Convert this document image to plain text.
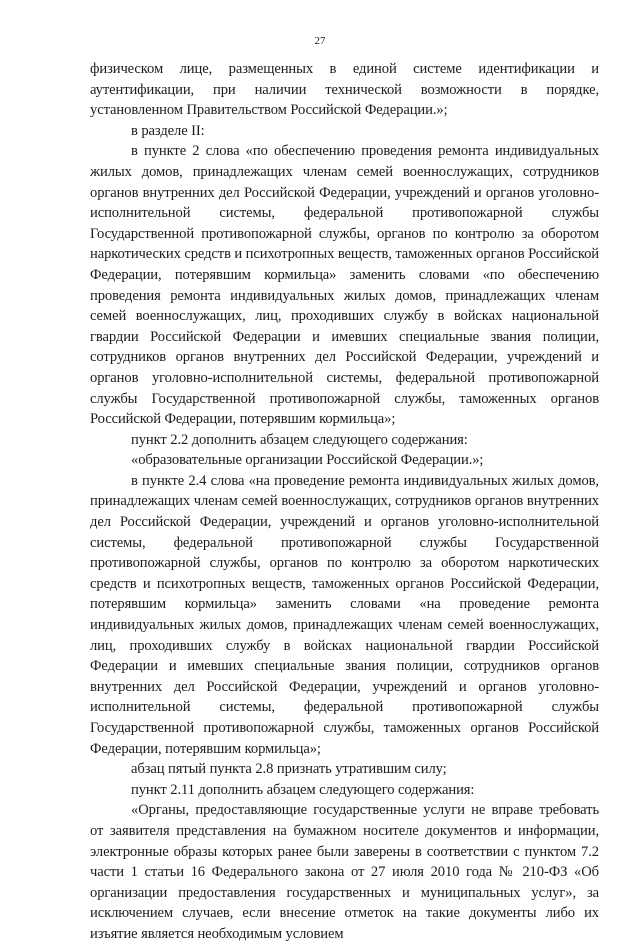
27

физическом лице, размещенных в единой системе идентификации и аутентификации, при наличии технической возможности в порядке, установленном Правительством Российской Федерации.»;

в разделе II:

в пункте 2 слова «по обеспечению проведения ремонта индивидуальных жилых домов, принадлежащих членам семей военнослужащих, сотрудников органов внутренних дел Российской Федерации, учреждений и органов уголовно-исполнительной системы, федеральной противопожарной службы Государственной противопожарной службы, органов по контролю за оборотом наркотических средств и психотропных веществ, таможенных органов Российской Федерации, потерявшим кормильца» заменить словами «по обеспечению проведения ремонта индивидуальных жилых домов, принадлежащих членам семей военнослужащих, лиц, проходивших службу в войсках национальной гвардии Российской Федерации и имевших специальные звания полиции, сотрудников органов внутренних дел Российской Федерации, учреждений и органов уголовно-исполнительной системы, федеральной противопожарной службы Государственной противопожарной службы, таможенных органов Российской Федерации, потерявшим кормильца»;

пункт 2.2 дополнить абзацем следующего содержания:

«образовательные организации Российской Федерации.»;

в пункте 2.4 слова «на проведение ремонта индивидуальных жилых домов, принадлежащих членам семей военнослужащих, сотрудников органов внутренних дел Российской Федерации, учреждений и органов уголовно-исполнительной системы, федеральной противопожарной службы Государственной противопожарной службы, органов по контролю за оборотом наркотических средств и психотропных веществ, таможенных органов Российской Федерации, потерявшим кормильца» заменить словами «на проведение ремонта индивидуальных жилых домов, принадлежащих членам семей военнослужащих, лиц, проходивших службу в войсках национальной гвардии Российской Федерации и имевших специальные звания полиции, сотрудников органов внутренних дел Российской Федерации, учреждений и органов уголовно-исполнительной системы, федеральной противопожарной службы Государственной противопожарной службы, таможенных органов Российской Федерации, потерявшим кормильца»;

абзац пятый пункта 2.8 признать утратившим силу;

пункт 2.11 дополнить абзацем следующего содержания:

«Органы, предоставляющие государственные услуги не вправе требовать от заявителя представления на бумажном носителе документов и информации, электронные образы которых ранее были заверены в соответствии с пунктом 7.2 части 1 статьи 16 Федерального закона от 27 июля 2010 года № 210-ФЗ «Об организации предоставления государственных и муниципальных услуг», за исключением случаев, если внесение отметок на такие документы либо их изъятие является необходимым условием
